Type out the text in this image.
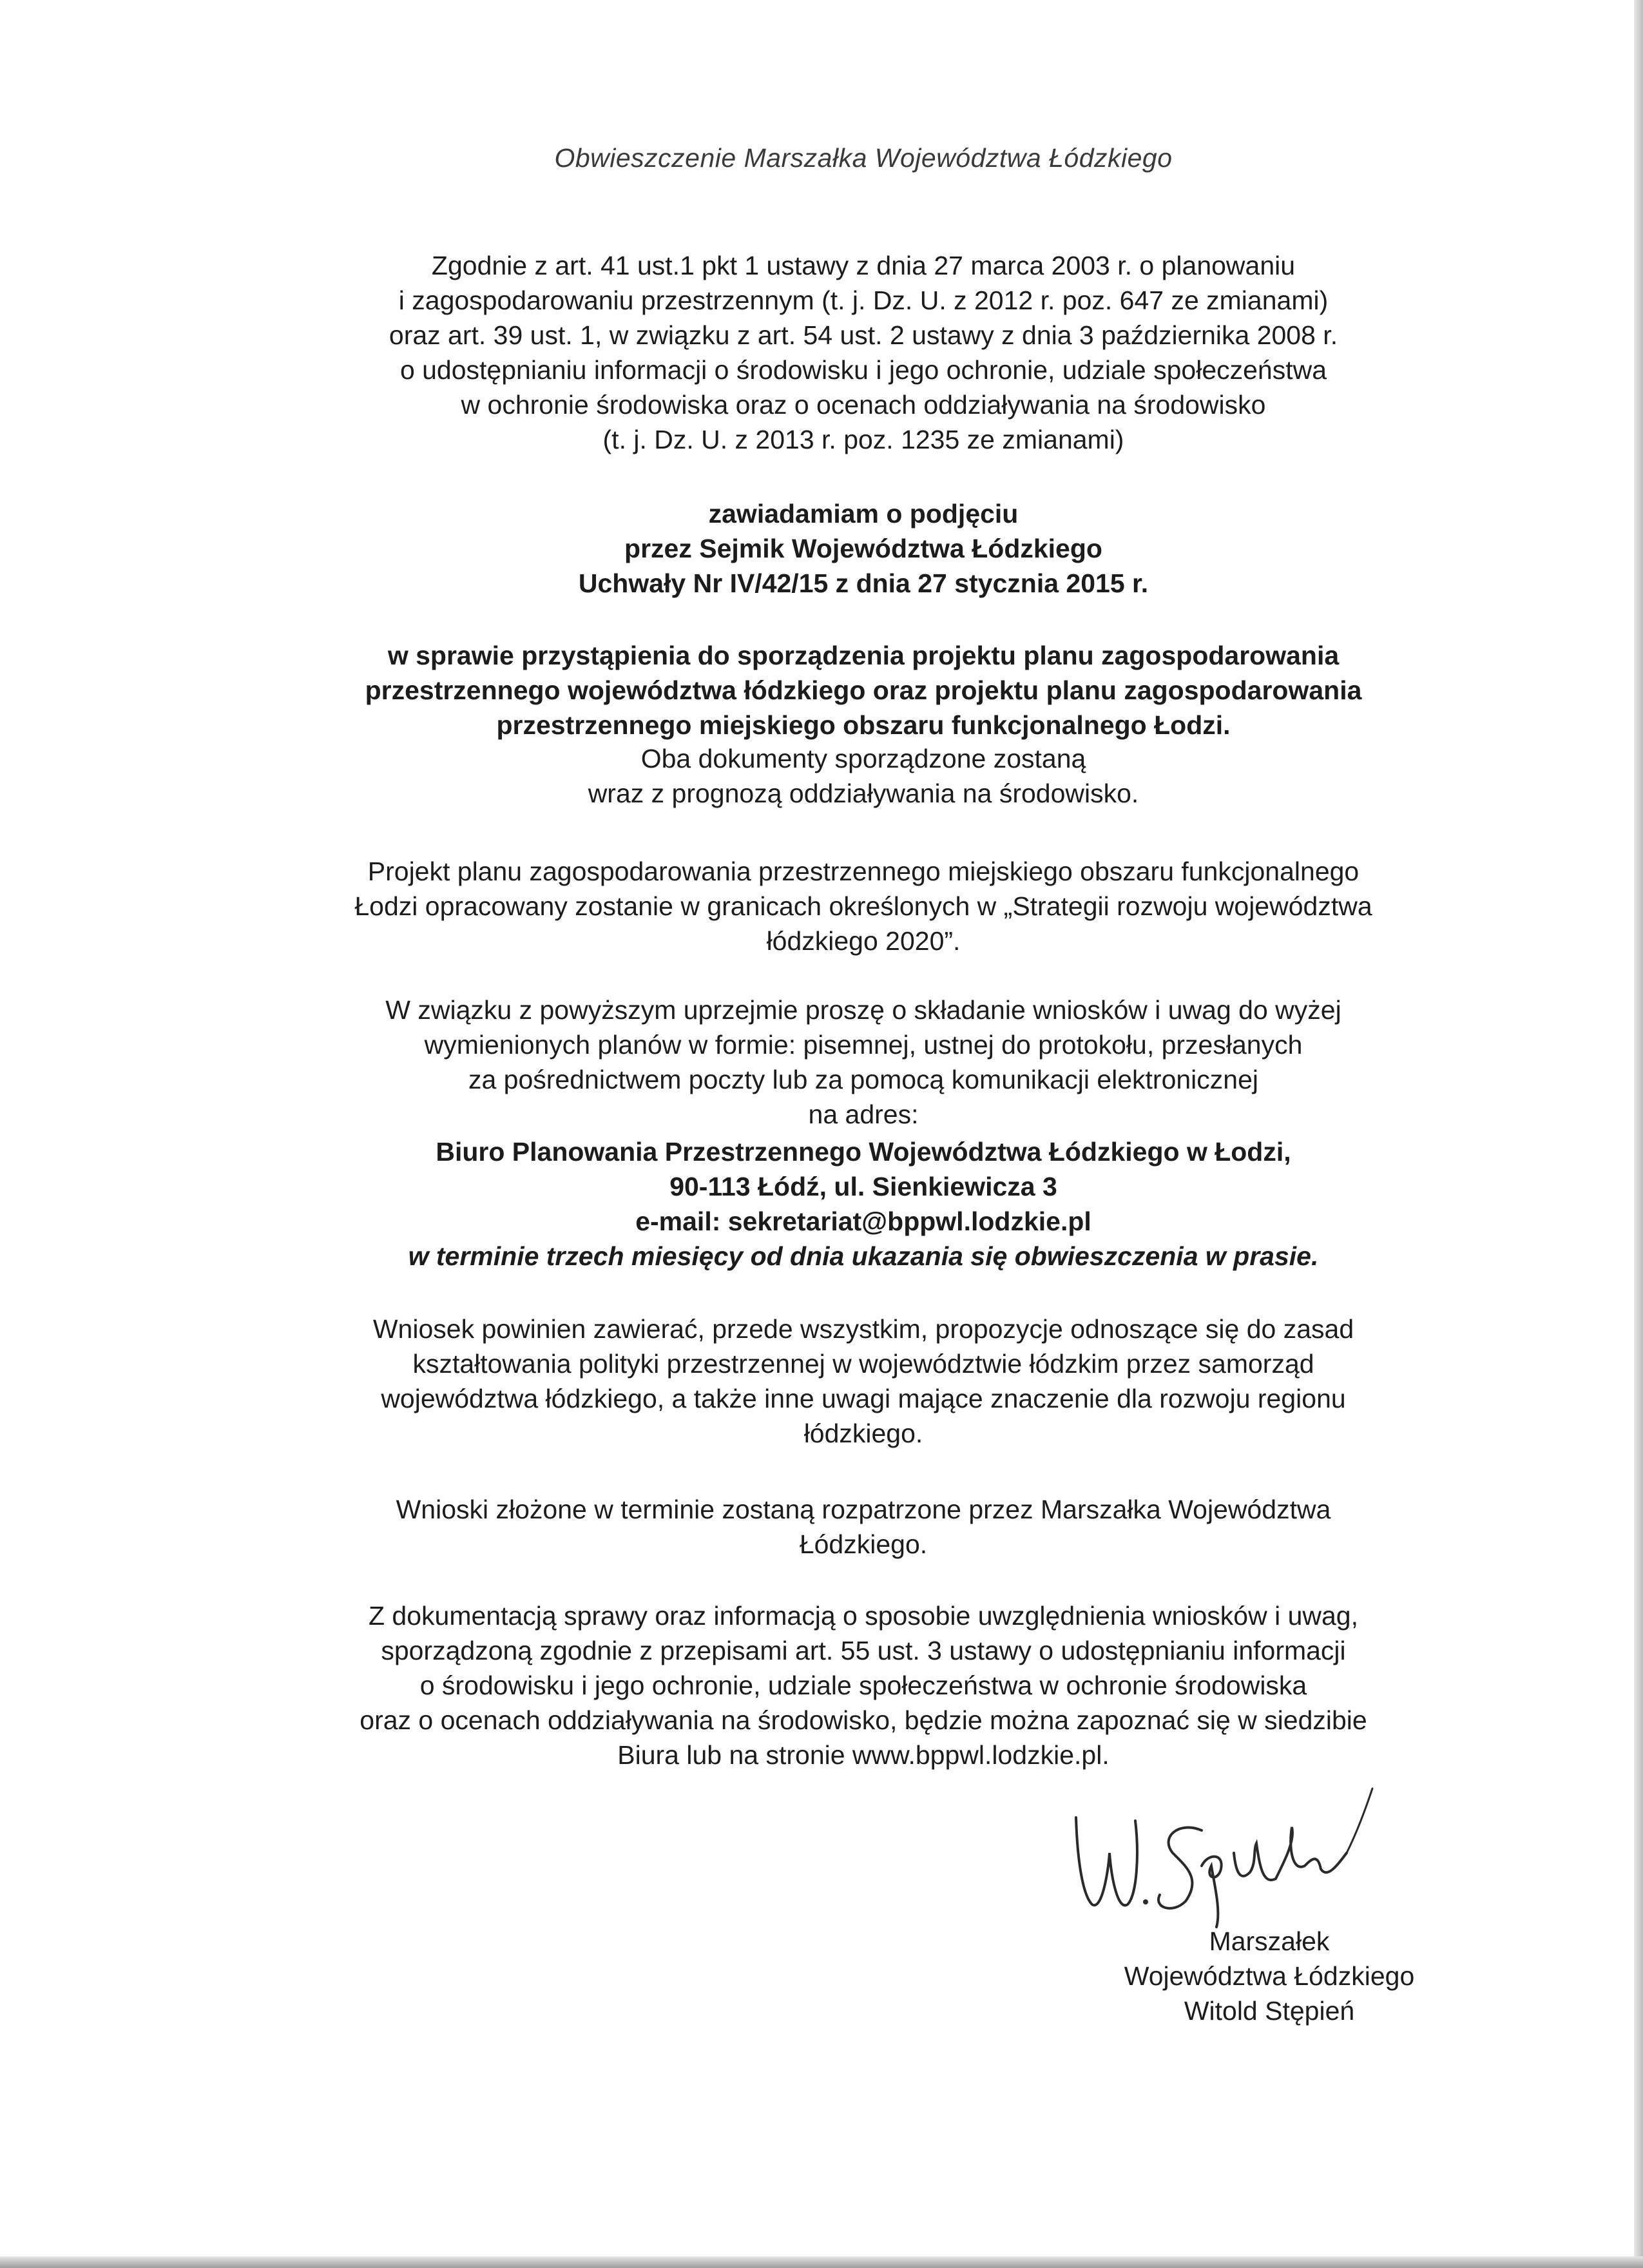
Obwieszczenie Marszałka Województwa Łódzkiego

Zgodnie z art. 41 ust.1 pkt 1 ustawy z dnia 27 marca 2003 r. o planowaniu

i zagospodarowaniu przestrzennym (t. j. Dz. U. z 2012 r. poz. 647 ze zmianami)

oraz art. 39 ust. 1, w związku z art. 54 ust. 2 ustawy z dnia 3 października 2008 r.

o udostępnianiu informacji o środowisku i jego ochronie, udziale społeczeństwa

w ochronie środowiska oraz o ocenach oddziaływania na środowisko

(t. j. Dz. U. z 2013 r. poz. 1235 ze zmianami)

zawiadamiam o podjęciu

przez Sejmik Województwa Łódzkiego

Uchwały Nr IV/42/15 z dnia 27 stycznia 2015 r.

w sprawie przystąpienia do sporządzenia projektu planu zagospodarowania

przestrzennego województwa łódzkiego oraz projektu planu zagospodarowania

przestrzennego miejskiego obszaru funkcjonalnego Łodzi.

Oba dokumenty sporządzone zostaną

wraz z prognozą oddziaływania na środowisko.

Projekt planu zagospodarowania przestrzennego miejskiego obszaru funkcjonalnego

Łodzi opracowany zostanie w granicach określonych w „Strategii rozwoju województwa

łódzkiego 2020”.

W związku z powyższym uprzejmie proszę o składanie wniosków i uwag do wyżej

wymienionych planów w formie: pisemnej, ustnej do protokołu, przesłanych

za pośrednictwem poczty lub za pomocą komunikacji elektronicznej

na adres:

Biuro Planowania Przestrzennego Województwa Łódzkiego w Łodzi,

90-113 Łódź, ul. Sienkiewicza 3

e-mail: sekretariat@bppwl.lodzkie.pl

w terminie trzech miesięcy od dnia ukazania się obwieszczenia w prasie.

Wniosek powinien zawierać, przede wszystkim, propozycje odnoszące się do zasad

kształtowania polityki przestrzennej w województwie łódzkim przez samorząd

województwa łódzkiego, a także inne uwagi mające znaczenie dla rozwoju regionu

łódzkiego.

Wnioski złożone w terminie zostaną rozpatrzone przez Marszałka Województwa

Łódzkiego.

Z dokumentacją sprawy oraz informacją o sposobie uwzględnienia wniosków i uwag,

sporządzoną zgodnie z przepisami art. 55 ust. 3 ustawy o udostępnianiu informacji

o środowisku i jego ochronie, udziale społeczeństwa w ochronie środowiska

oraz o ocenach oddziaływania na środowisko, będzie można zapoznać się w siedzibie

Biura lub na stronie www.bppwl.lodzkie.pl.

Marszałek

Województwa Łódzkiego

Witold Stępień
